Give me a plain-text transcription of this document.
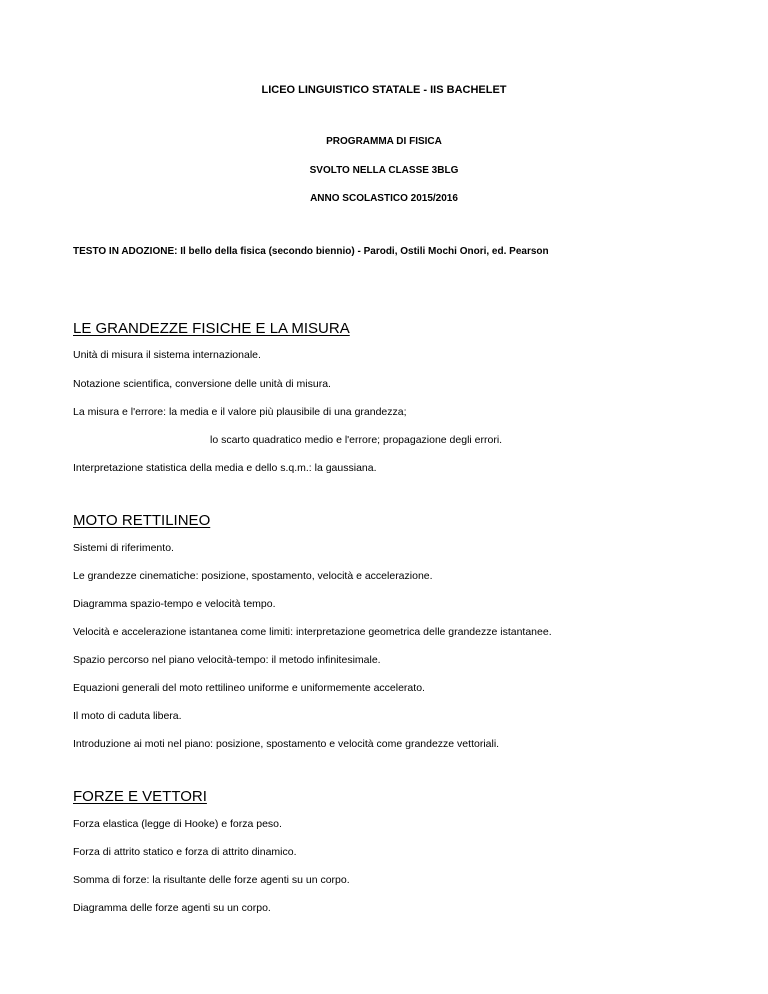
LICEO LINGUISTICO STATALE - IIS BACHELET
PROGRAMMA DI FISICA
SVOLTO NELLA CLASSE 3BLG
ANNO SCOLASTICO 2015/2016
TESTO IN ADOZIONE: Il bello della fisica (secondo biennio) - Parodi, Ostili Mochi Onori, ed. Pearson
LE GRANDEZZE FISICHE E LA MISURA
Unità di misura il sistema internazionale.
Notazione scientifica, conversione delle unità di misura.
La misura e l'errore: la media e il valore più plausibile di una grandezza;
lo scarto quadratico medio e l'errore; propagazione degli errori.
Interpretazione statistica della media e dello s.q.m.: la gaussiana.
MOTO RETTILINEO
Sistemi di riferimento.
Le grandezze cinematiche: posizione, spostamento, velocità e accelerazione.
Diagramma spazio-tempo e velocità tempo.
Velocità e accelerazione istantanea come limiti: interpretazione geometrica delle grandezze istantanee.
Spazio percorso nel piano velocità-tempo: il metodo infinitesimale.
Equazioni generali del moto rettilineo uniforme e uniformemente accelerato.
Il moto di caduta libera.
Introduzione ai moti nel piano: posizione, spostamento e velocità come grandezze vettoriali.
FORZE E VETTORI
Forza elastica (legge di Hooke) e forza peso.
Forza di attrito statico e forza di attrito dinamico.
Somma di forze: la risultante delle forze agenti su un corpo.
Diagramma delle forze agenti su un corpo.
